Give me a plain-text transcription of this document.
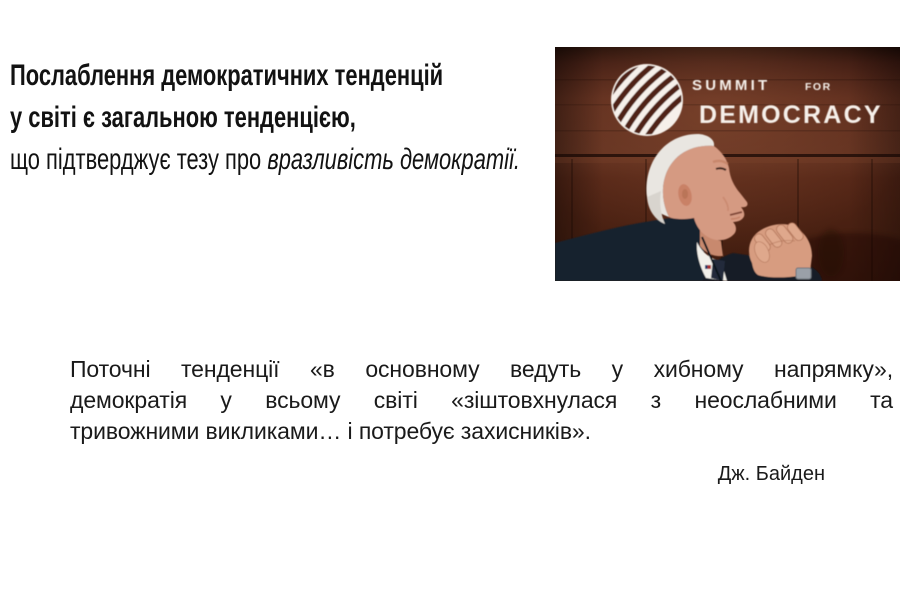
Послаблення демократичних тенденцій
у світі є загальною тенденцією,
що підтверджує тезу про вразливість демократії.
SUMMIT	FOR
DEMOCRACY
Поточні тенденції «в основному ведуть у хибному напрямку»,
демократія у всьому світі «зіштовхнулася з неослабними та
тривожними викликами… і потребує захисників».
Дж. Байден
